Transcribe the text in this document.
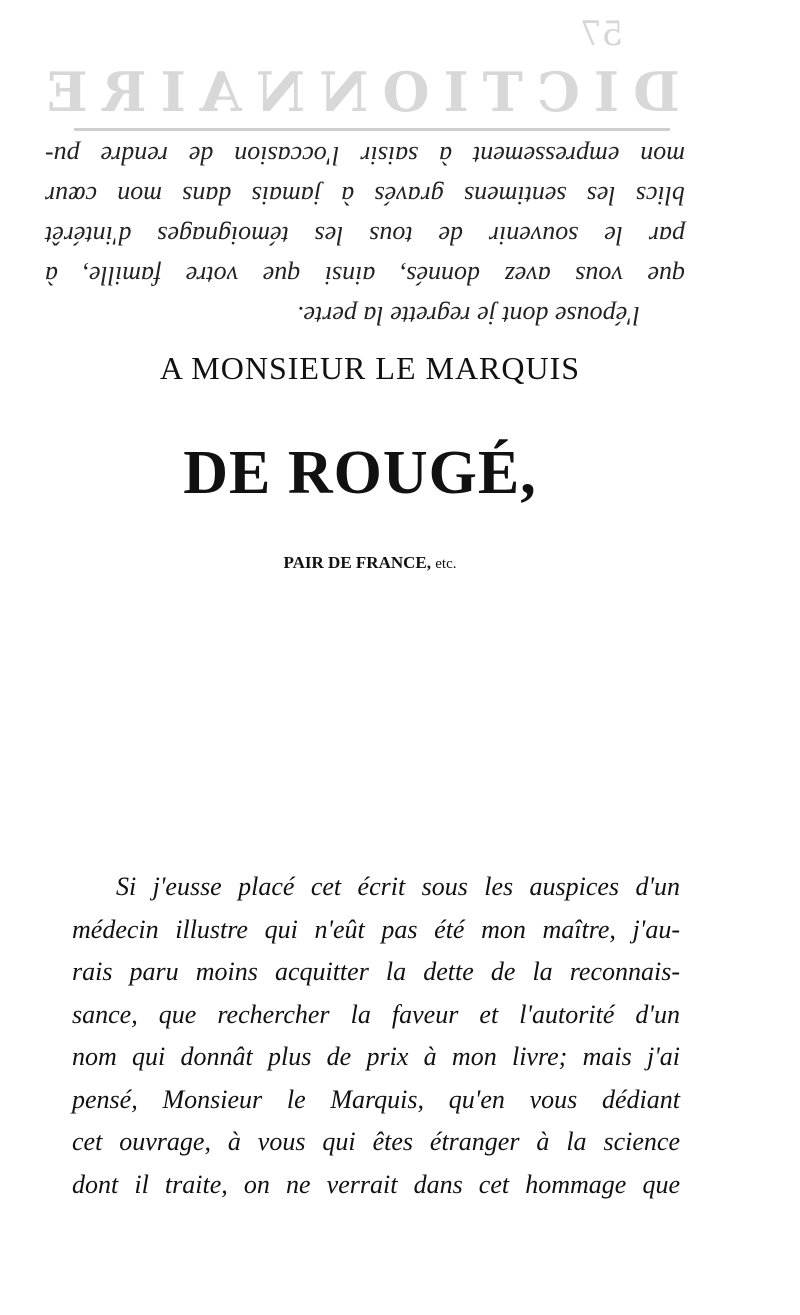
57
DICTIONNAIRE
mon empressement à saisir l'occasion de rendre pu-
blics les sentimens gravés à jamais dans mon cœur
par le souvenir de tous les témoignages d'intérêt
que vous avez donnés, ainsi que votre famille, à
l'épouse dont je regrette la perte.
A MONSIEUR LE MARQUIS
DE ROUGÉ,
PAIR DE FRANCE, etc.
Si j'eusse placé cet écrit sous les auspices d'un
médecin illustre qui n'eût pas été mon maître, j'au-
rais paru moins acquitter la dette de la reconnais-
sance, que rechercher la faveur et l'autorité d'un
nom qui donnât plus de prix à mon livre; mais j'ai
pensé, Monsieur le Marquis, qu'en vous dédiant
cet ouvrage, à vous qui êtes étranger à la science
dont il traite, on ne verrait dans cet hommage que
